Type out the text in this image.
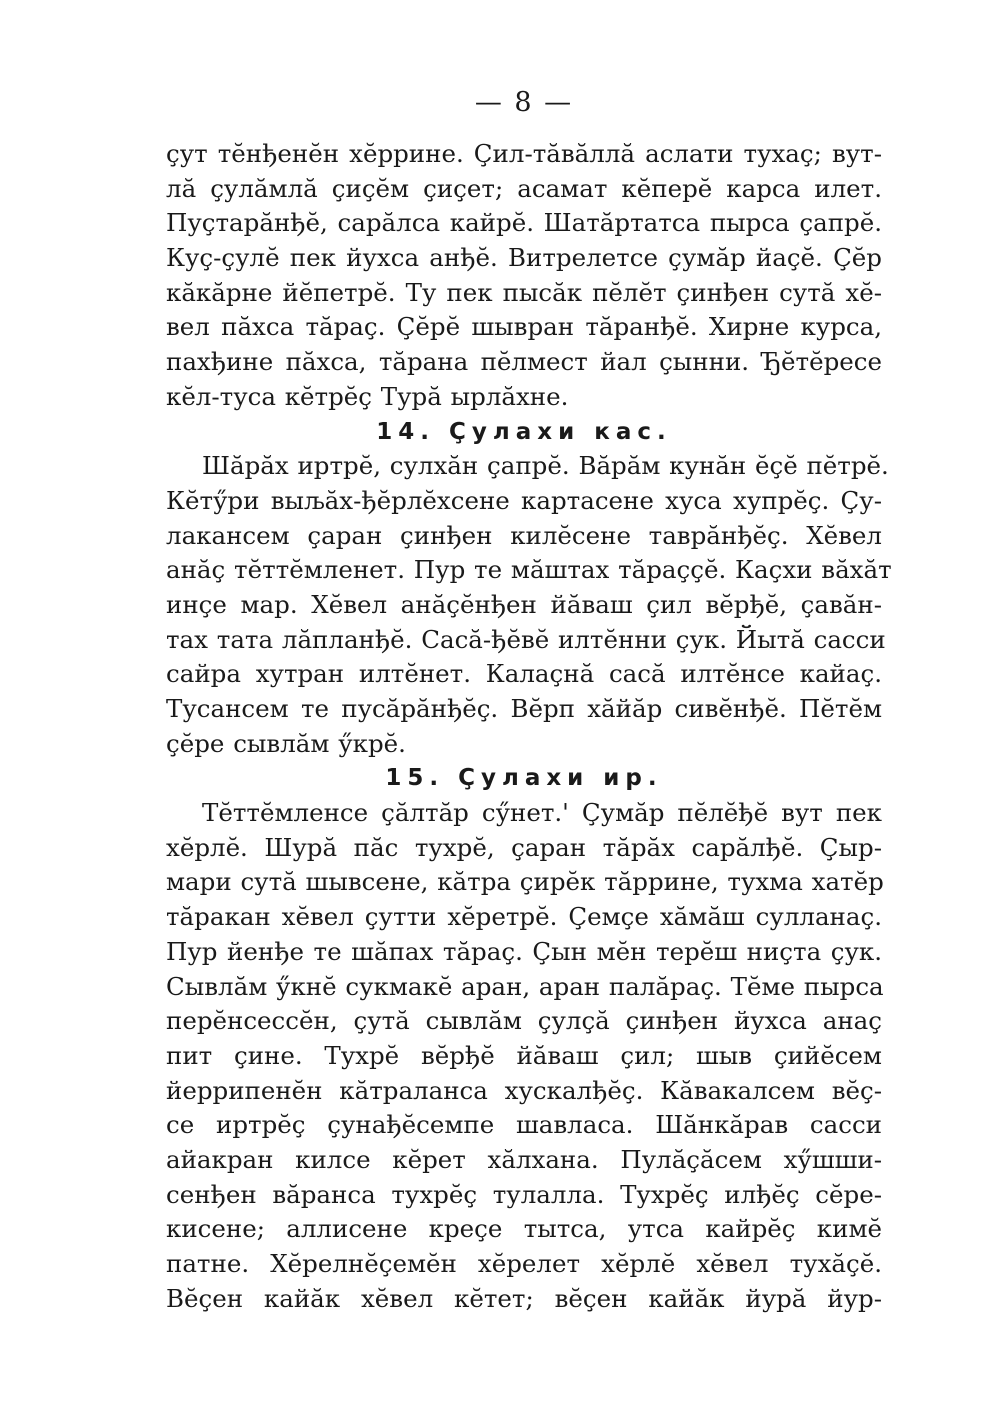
— 8 —
çут тĕнђенĕн хĕррине. Çил-тăвăллă аслати тухаҫ; вут-
лă çулăмлă çиçĕм çиçет; асамат кĕперĕ карса илет.
Пуçтарăнђĕ, сарăлса кайрĕ. Шатăртатса пырса çапрĕ.
Куç-çулĕ пек йухса анђĕ. Витрелетсе çумăр йаҫĕ. Çĕр
кăкăрне йĕпетрĕ. Ту пек пысăк пĕлĕт çинђен сутă хĕ-
вел пăхса тăраҫ. Çĕрĕ шывран тăранђĕ. Хирне курса,
пахђине пăхса, тăрана пĕлмест йал çынни. Ђĕтĕресе
кĕл-туса кĕтрĕç Турă ырлăхне.
14. Çулахи кас.
Шăрăх иртрĕ, сулхăн çапрĕ. Вăрăм кунăн ĕçĕ пĕтрĕ.
Кĕтӳри выљăх-ђĕрлĕхсене картасене хуса хупрĕç. Çу-
лакансем çаран çинђен килĕсене таврăнђĕç. Хĕвел
анăç тĕттĕмленет. Пур те мăштах тăраççĕ. Каçхи вăхăт
инçе мар. Хĕвел анăçĕнђен йăваш çил вĕрђĕ, çавăн-
тах тата лăпланђĕ. Сасă-ђĕвĕ илтĕнни çук. Йытă сасси
сайра хутран илтĕнет. Калаçнă сасă илтĕнсе кайаҫ.
Тусансем те пусăрăнђĕç. Вĕрп хăйăр сивĕнђĕ. Пĕтĕм
çĕре сывлăм ӳкрĕ.
15. Çулахи ир.
Тĕттĕмленсе çăлтăр сӳнет.' Çумăр пĕлĕђĕ вут пек
хĕрлĕ. Шурă пăс тухрĕ, çаран тăрăх сарăлђĕ. Çыр-
мари сутă шывсене, кăтра çирĕк тăррине, тухма хатĕр
тăракан хĕвел çутти хĕретрĕ. Çемçе хăмăш сулланаҫ.
Пур йенђе те шăпах тăраҫ. Çын мĕн терĕш ниçта çук.
Сывлăм ӳкнĕ сукмакĕ аран, аран палăраҫ. Тĕме пырса
перĕнсессĕн, çутă сывлăм çулçă çинђен йухса анаҫ
пит çине. Тухрĕ вĕрђĕ йăваш çил; шыв çийĕсем
йеррипенĕн кăтраланса хускалђĕç. Кăвакалсем вĕç-
се иртрĕç çунађĕсемпе шавласа. Шăнкăрав сасси
айакран килсе кĕрет хăлхана. Пулăçăсем хӳшши-
сенђен вăранса тухрĕç тулалла. Тухрĕç илђĕç сĕре-
кисене; аллисене креçе тытса, утса кайрĕç кимĕ
патне. Хĕрелнĕçемĕн хĕрелет хĕрлĕ хĕвел тухăçĕ.
Вĕçен кайăк хĕвел кĕтет; вĕçен кайăк йурă йур-
